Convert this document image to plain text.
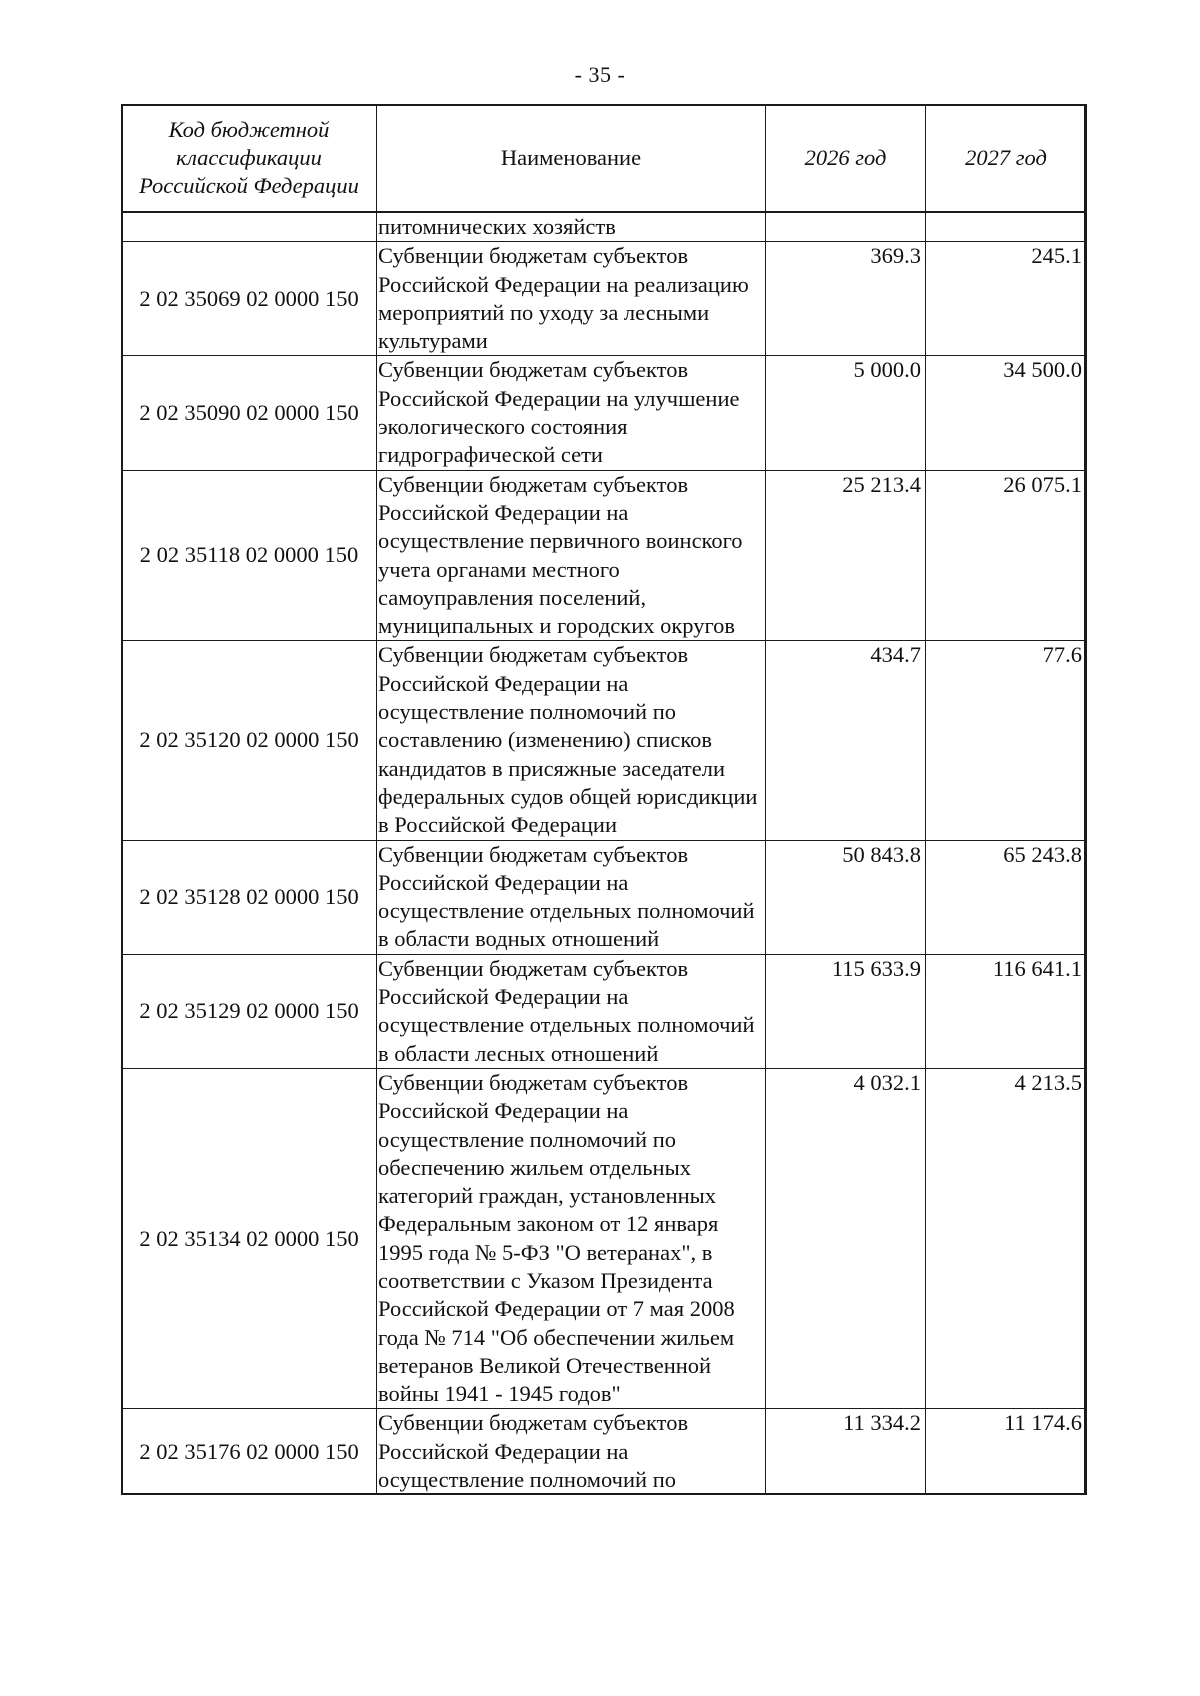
- 35 -
Код бюджетной классификации Российской Федерации	Наименование	2026 год	2027 год
	питомнических хозяйств		
2 02 35069 02 0000 150	Субвенции бюджетам субъектов Российской Федерации на реализацию мероприятий по уходу за лесными культурами	369.3	245.1
2 02 35090 02 0000 150	Субвенции бюджетам субъектов Российской Федерации на улучшение экологического состояния гидрографической сети	5 000.0	34 500.0
2 02 35118 02 0000 150	Субвенции бюджетам субъектов Российской Федерации на осуществление первичного воинского учета органами местного самоуправления поселений, муниципальных и городских округов	25 213.4	26 075.1
2 02 35120 02 0000 150	Субвенции бюджетам субъектов Российской Федерации на осуществление полномочий по составлению (изменению) списков кандидатов в присяжные заседатели федеральных судов общей юрисдикции в Российской Федерации	434.7	77.6
2 02 35128 02 0000 150	Субвенции бюджетам субъектов Российской Федерации на осуществление отдельных полномочий в области водных отношений	50 843.8	65 243.8
2 02 35129 02 0000 150	Субвенции бюджетам субъектов Российской Федерации на осуществление отдельных полномочий в области лесных отношений	115 633.9	116 641.1
2 02 35134 02 0000 150	Субвенции бюджетам субъектов Российской Федерации на осуществление полномочий по обеспечению жильем отдельных категорий граждан, установленных Федеральным законом от 12 января 1995 года № 5-ФЗ "О ветеранах", в соответствии с Указом Президента Российской Федерации от 7 мая 2008 года № 714 "Об обеспечении жильем ветеранов Великой Отечественной войны 1941 - 1945 годов"	4 032.1	4 213.5
2 02 35176 02 0000 150	Субвенции бюджетам субъектов Российской Федерации на осуществление полномочий по	11 334.2	11 174.6
